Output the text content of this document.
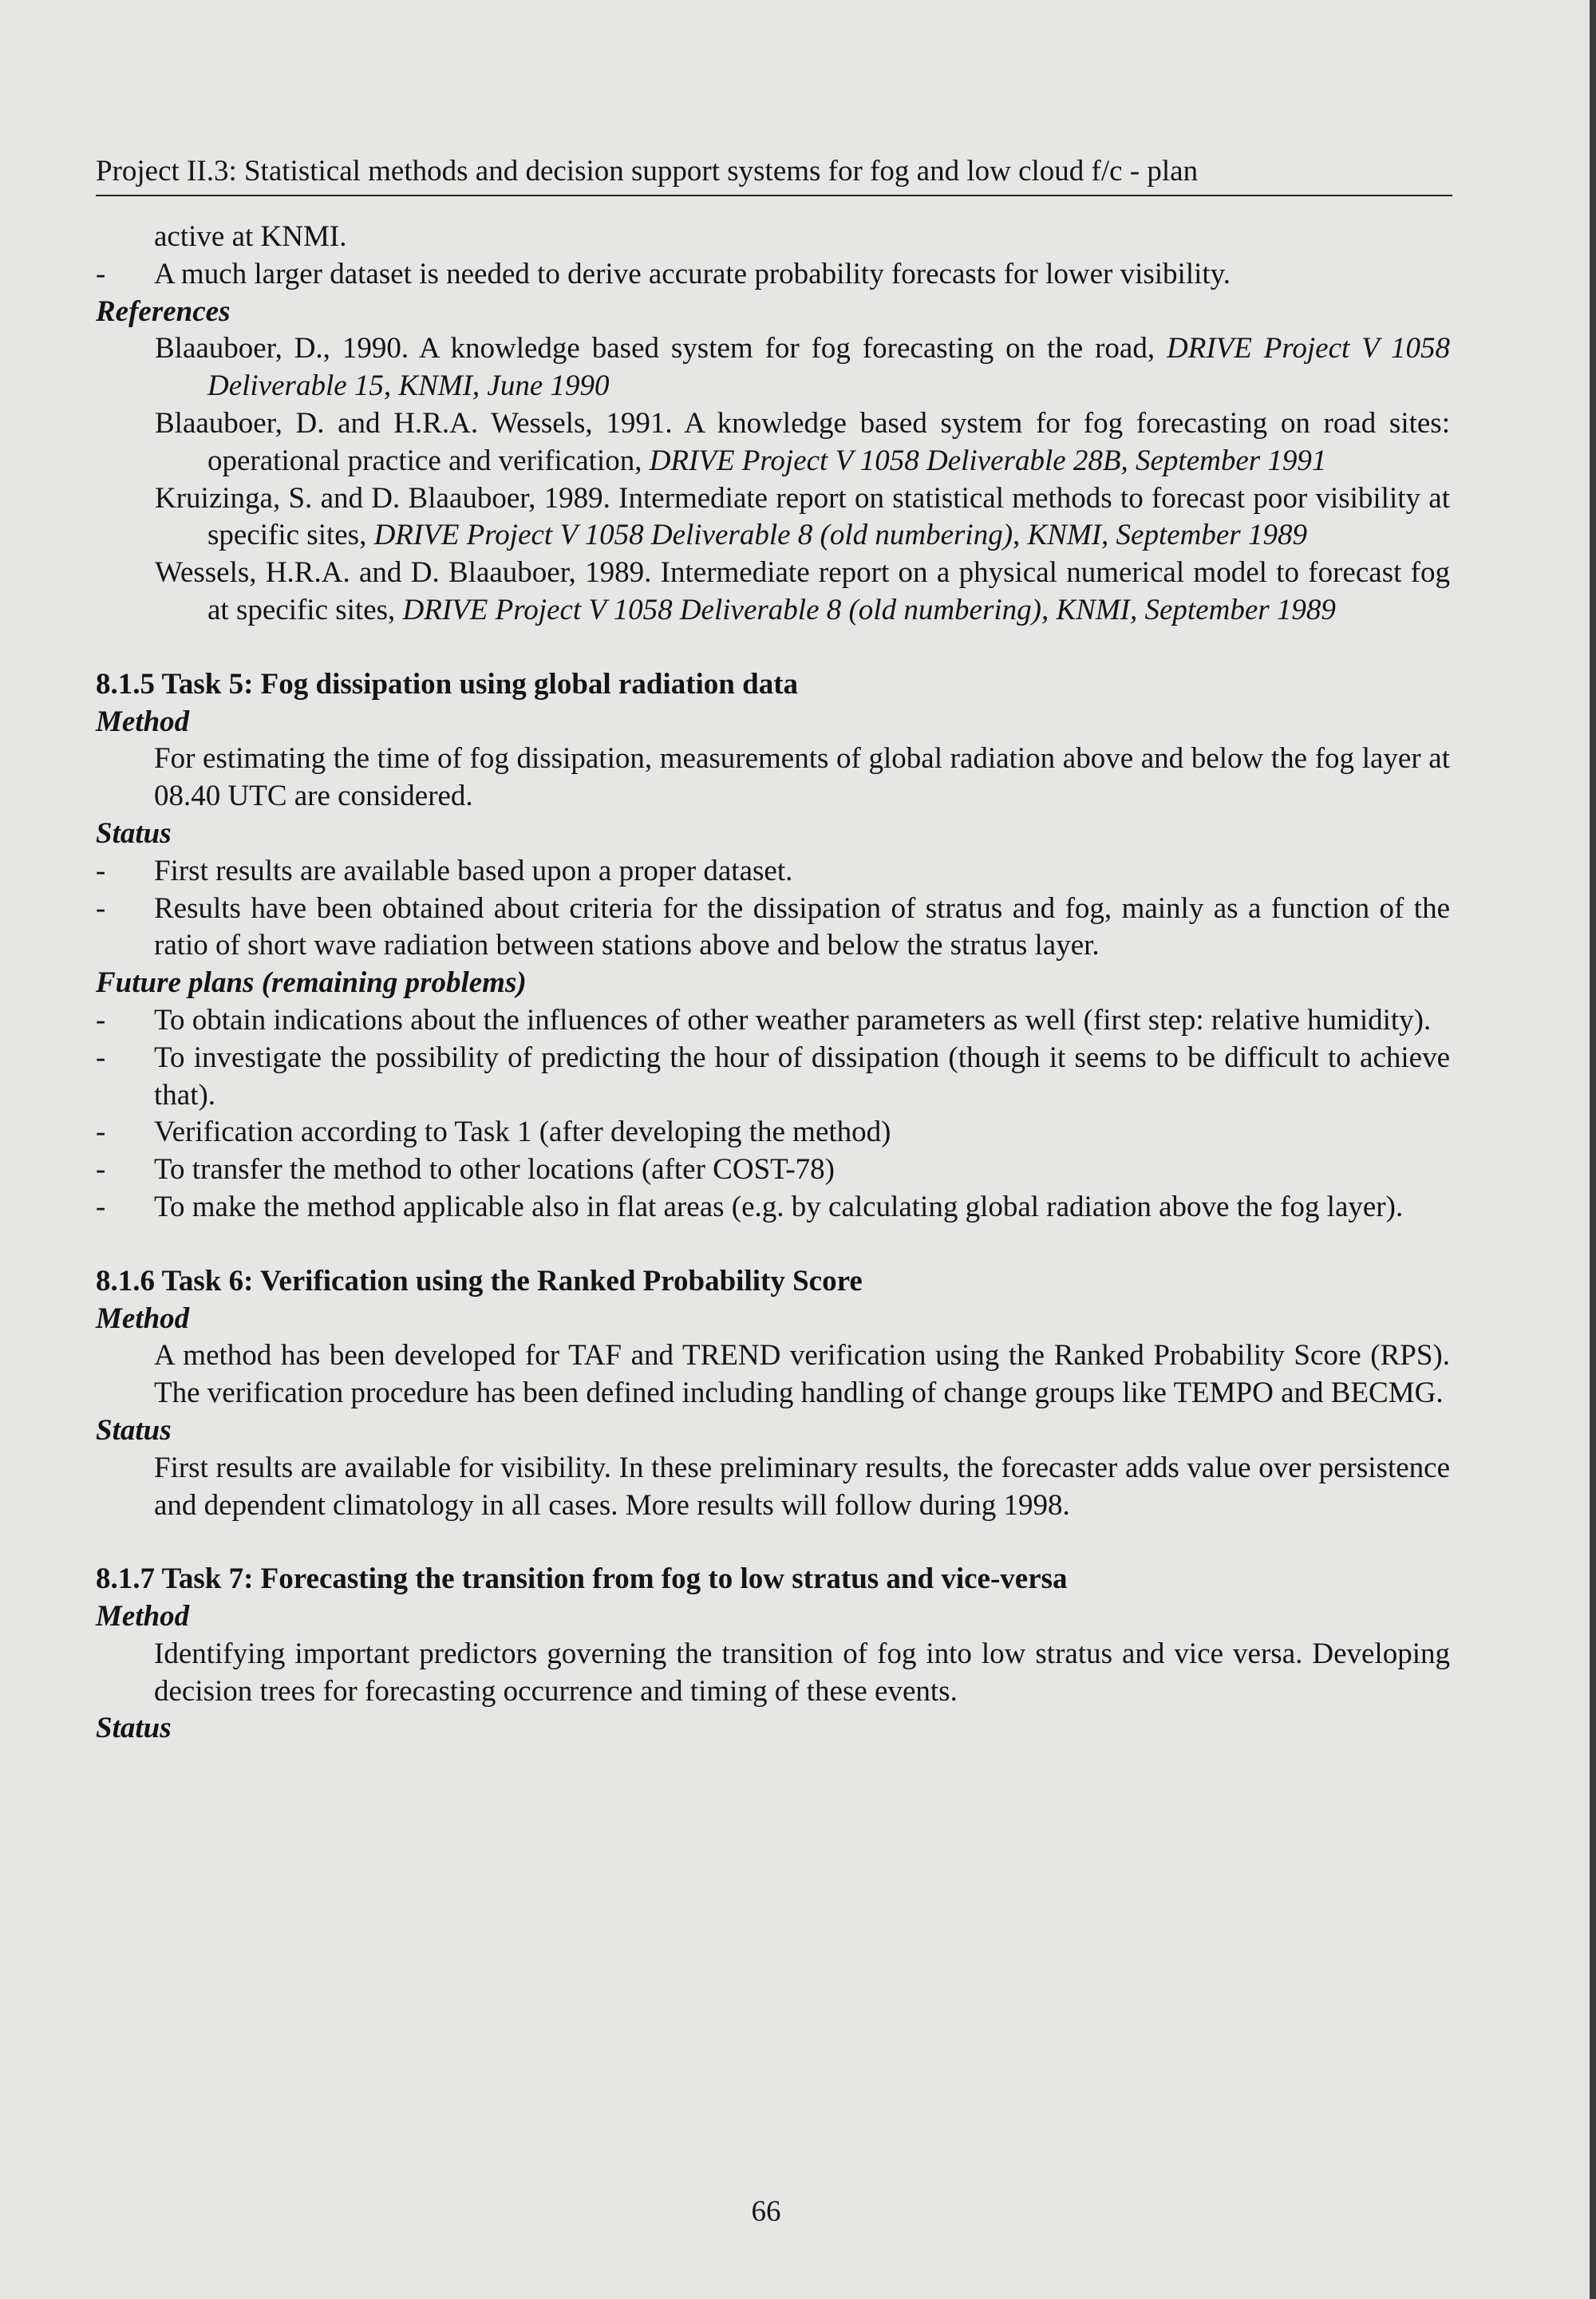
Project II.3: Statistical methods and decision support systems for fog and low cloud f/c - plan

active at KNMI.

-	A much larger dataset is needed to derive accurate probability forecasts for lower visibility.

References

Blaauboer, D., 1990. A knowledge based system for fog forecasting on the road, DRIVE Project V 1058 Deliverable 15, KNMI, June 1990

Blaauboer, D. and H.R.A. Wessels, 1991. A knowledge based system for fog forecasting on road sites: operational practice and verification, DRIVE Project V 1058 Deliverable 28B, September 1991

Kruizinga, S. and D. Blaauboer, 1989. Intermediate report on statistical methods to forecast poor visibility at specific sites, DRIVE Project V 1058 Deliverable 8 (old numbering), KNMI, September 1989

Wessels, H.R.A. and D. Blaauboer, 1989. Intermediate report on a physical numerical model to forecast fog at specific sites, DRIVE Project V 1058 Deliverable 8 (old numbering), KNMI, September 1989

8.1.5 Task 5: Fog dissipation using global radiation data

Method

For estimating the time of fog dissipation, measurements of global radiation above and below the fog layer at 08.40 UTC are considered.

Status

-	First results are available based upon a proper dataset.
-	Results have been obtained about criteria for the dissipation of stratus and fog, mainly as a function of the ratio of short wave radiation between stations above and below the stratus layer.

Future plans (remaining problems)

-	To obtain indications about the influences of other weather parameters as well (first step: relative humidity).
-	To investigate the possibility of predicting the hour of dissipation (though it seems to be difficult to achieve that).
-	Verification according to Task 1 (after developing the method)
-	To transfer the method to other locations (after COST-78)
-	To make the method applicable also in flat areas (e.g. by calculating global radiation above the fog layer).

8.1.6 Task 6: Verification using the Ranked Probability Score

Method

A method has been developed for TAF and TREND verification using the Ranked Probability Score (RPS). The verification procedure has been defined including handling of change groups like TEMPO and BECMG.

Status

First results are available for visibility. In these preliminary results, the forecaster adds value over persistence and dependent climatology in all cases. More results will follow during 1998.

8.1.7 Task 7: Forecasting the transition from fog to low stratus and vice-versa

Method

Identifying important predictors governing the transition of fog into low stratus and vice versa. Developing decision trees for forecasting occurrence and timing of these events.

Status

66
